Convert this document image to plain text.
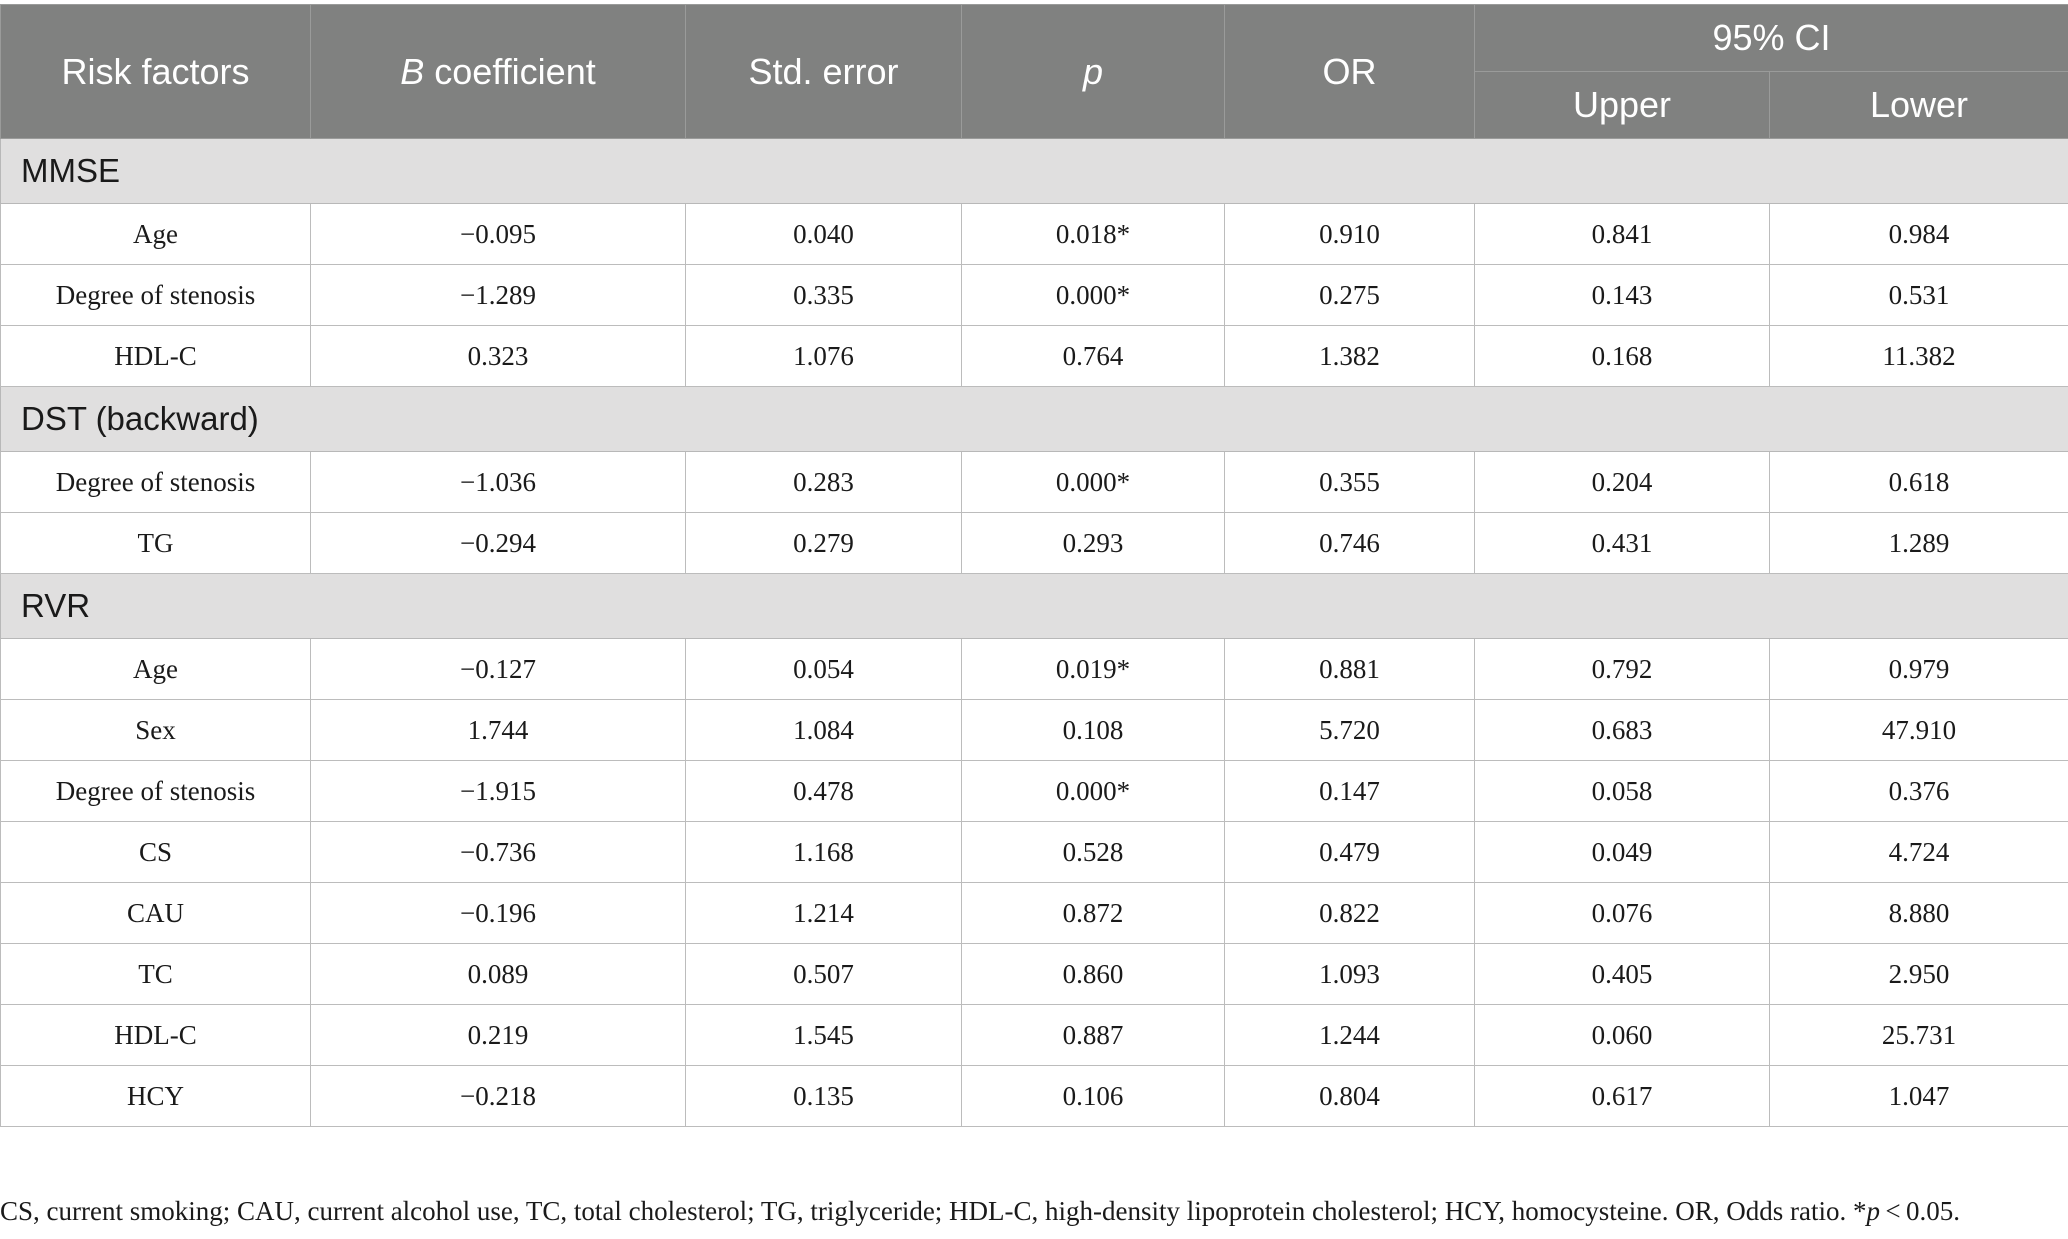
Risk factors	B coefficient	Std. error	p	OR	95% CI	
					Upper	Lower
MMSE						
Age	−0.095	0.040	0.018*	0.910	0.841	0.984
Degree of stenosis	−1.289	0.335	0.000*	0.275	0.143	0.531
HDL-C	0.323	1.076	0.764	1.382	0.168	11.382
DST (backward)						
Degree of stenosis	−1.036	0.283	0.000*	0.355	0.204	0.618
TG	−0.294	0.279	0.293	0.746	0.431	1.289
RVR						
Age	−0.127	0.054	0.019*	0.881	0.792	0.979
Sex	1.744	1.084	0.108	5.720	0.683	47.910
Degree of stenosis	−1.915	0.478	0.000*	0.147	0.058	0.376
CS	−0.736	1.168	0.528	0.479	0.049	4.724
CAU	−0.196	1.214	0.872	0.822	0.076	8.880
TC	0.089	0.507	0.860	1.093	0.405	2.950
HDL-C	0.219	1.545	0.887	1.244	0.060	25.731
HCY	−0.218	0.135	0.106	0.804	0.617	1.047
CS, current smoking; CAU, current alcohol use, TC, total cholesterol; TG, triglyceride; HDL-C, high-density lipoprotein cholesterol; HCY, homocysteine. OR, Odds ratio. *p < 0.05.
